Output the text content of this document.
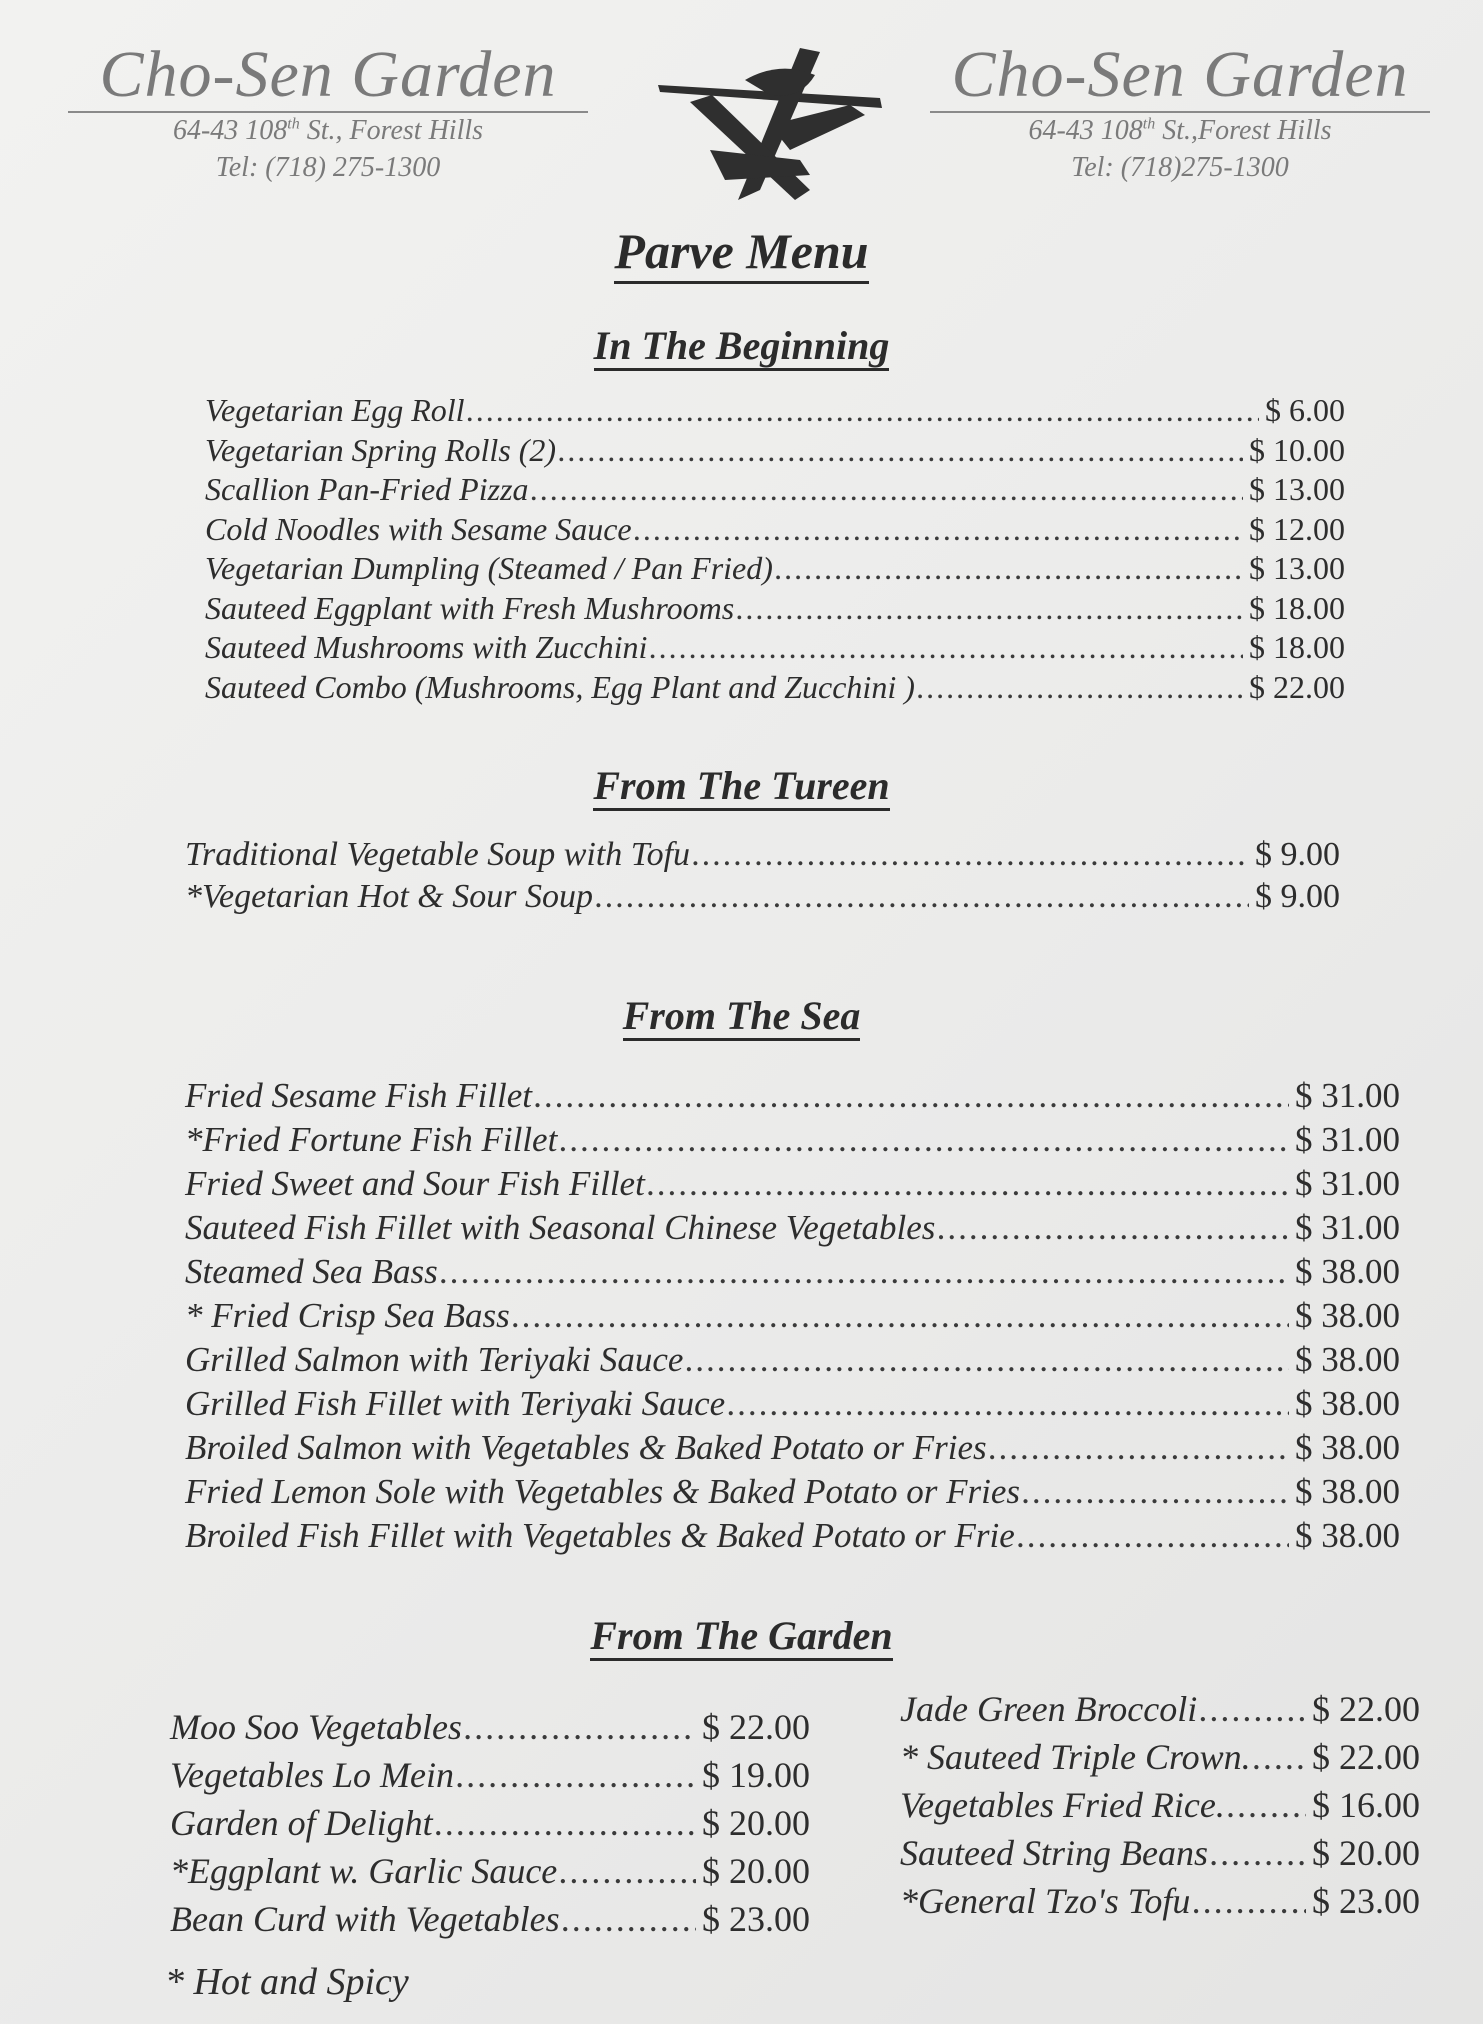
Cho-Sen Garden
64-43 108th St., Forest Hills
Tel: (718) 275-1300
Cho-Sen Garden
64-43 108th St.,Forest Hills
Tel: (718)275-1300
Parve Menu
In The Beginning
Vegetarian Egg Roll .....	$ 6.00
Vegetarian Spring Rolls (2) .....	$ 10.00
Scallion Pan-Fried Pizza .....	$ 13.00
Cold Noodles with Sesame Sauce .....	$ 12.00
Vegetarian Dumpling (Steamed / Pan Fried) .....	$ 13.00
Sauteed Eggplant with Fresh Mushrooms .....	$ 18.00
Sauteed Mushrooms with Zucchini .....	$ 18.00
Sauteed Combo (Mushrooms, Egg Plant and Zucchini ) .....	$ 22.00
From The Tureen
Traditional Vegetable Soup with Tofu .....	$ 9.00
*Vegetarian Hot & Sour Soup .....	$ 9.00
From The Sea
Fried Sesame Fish Fillet .....	$ 31.00
*Fried Fortune Fish Fillet .....	$ 31.00
Fried Sweet and Sour Fish Fillet .....	$ 31.00
Sauteed Fish Fillet with Seasonal Chinese Vegetables .....	$ 31.00
Steamed Sea Bass .....	$ 38.00
* Fried Crisp Sea Bass .....	$ 38.00
Grilled Salmon with Teriyaki Sauce .....	$ 38.00
Grilled Fish Fillet with Teriyaki Sauce .....	$ 38.00
Broiled Salmon with Vegetables & Baked Potato or Fries .....	$ 38.00
Fried Lemon Sole with Vegetables & Baked Potato or Fries .....	$ 38.00
Broiled Fish Fillet with Vegetables & Baked Potato or Frie .....	$ 38.00
From The Garden
Moo Soo Vegetables .....	$ 22.00
Vegetables Lo Mein .....	$ 19.00
Garden of Delight .....	$ 20.00
*Eggplant w. Garlic Sauce .....	$ 20.00
Bean Curd with Vegetables .....	$ 23.00
Jade Green Broccoli .....	$ 22.00
* Sauteed Triple Crown. ..... $ 22.00
Vegetables Fried Rice. ..... $ 16.00
Sauteed String Beans .....	$ 20.00
*General Tzo's Tofu .....	$ 23.00
* Hot and Spicy
